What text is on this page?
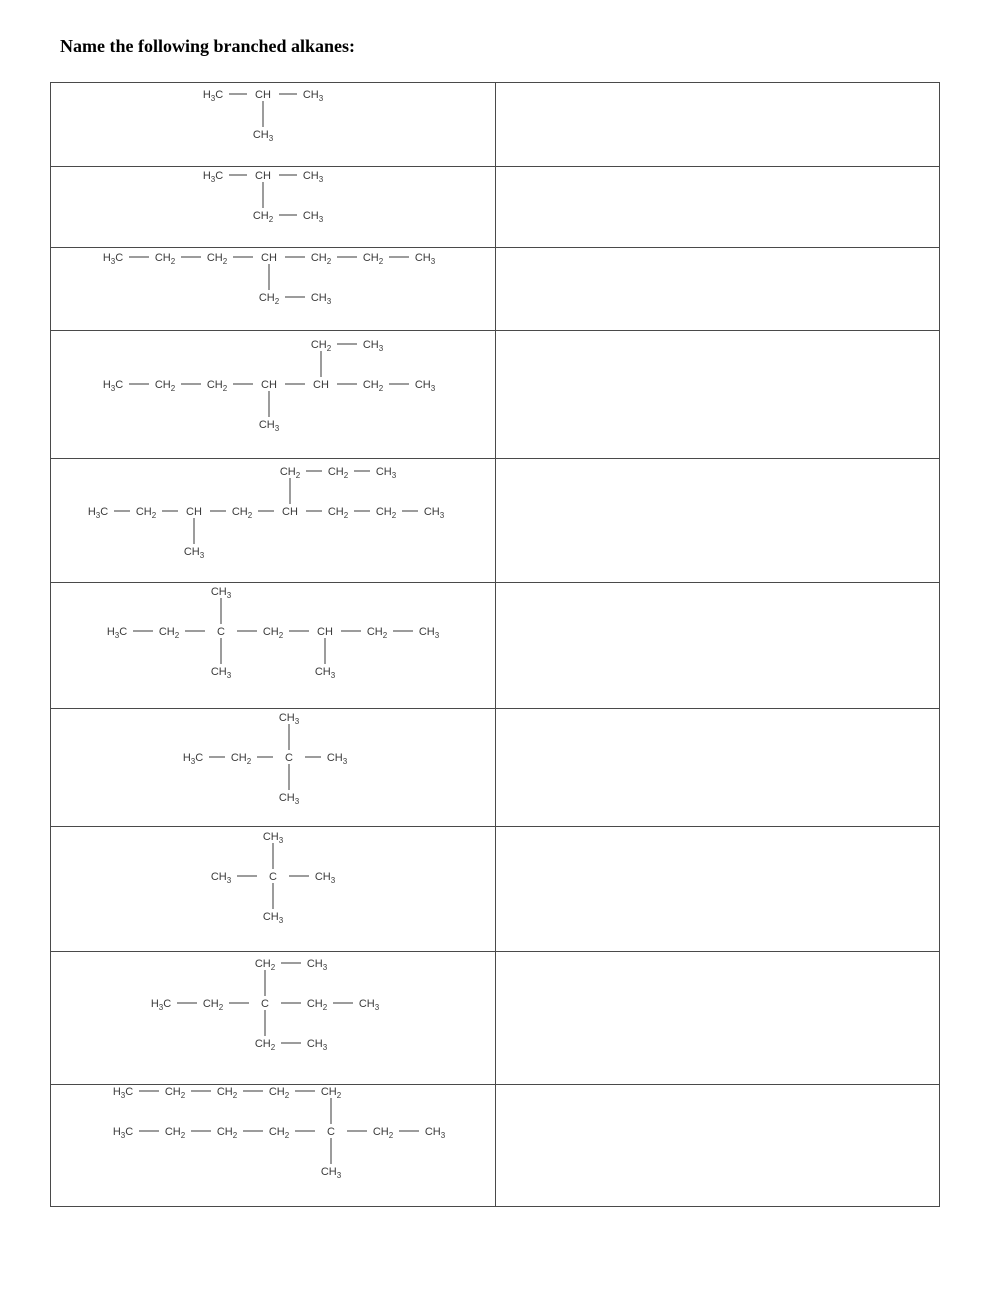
Name the following branched alkanes:
$H_3C$	CH	$CH_3$
$CH_3$
$H_3C$	CH	$CH_3$
$CH_2$	$CH_3$
$H_3C$	$CH_2$	$CH_2$	CH	$CH_2$	$CH_2$	$CH_3$
$CH_2$	$CH_3$
$CH_2$	$CH_3$
$H_3C$	$CH_2$	$CH_2$	CH	CH	$CH_2$	$CH_3$
$CH_3$
$CH_2$	$CH_2$	$CH_3$
$H_3C$	$CH_2$	CH	$CH_2$	CH	$CH_2$	$CH_2$	$CH_3$
$CH_3$
$CH_3$
$H_3C$	$CH_2$	C	$CH_2$	CH	$CH_2$	$CH_3$
$CH_3$	$CH_3$
$CH_3$
$H_3C$	$CH_2$	C	$CH_3$
$CH_3$
$CH_3$
$CH_3$	C	$CH_3$
$CH_3$
$CH_2$	$CH_3$
$H_3C$	$CH_2$	C	$CH_2$	$CH_3$
$CH_2$	$CH_3$
$H_3C$	$CH_2$	$CH_2$	$CH_2$	$CH_2$
$H_3C$	$CH_2$	$CH_2$	$CH_2$	C	$CH_2$	$CH_3$
$CH_3$
